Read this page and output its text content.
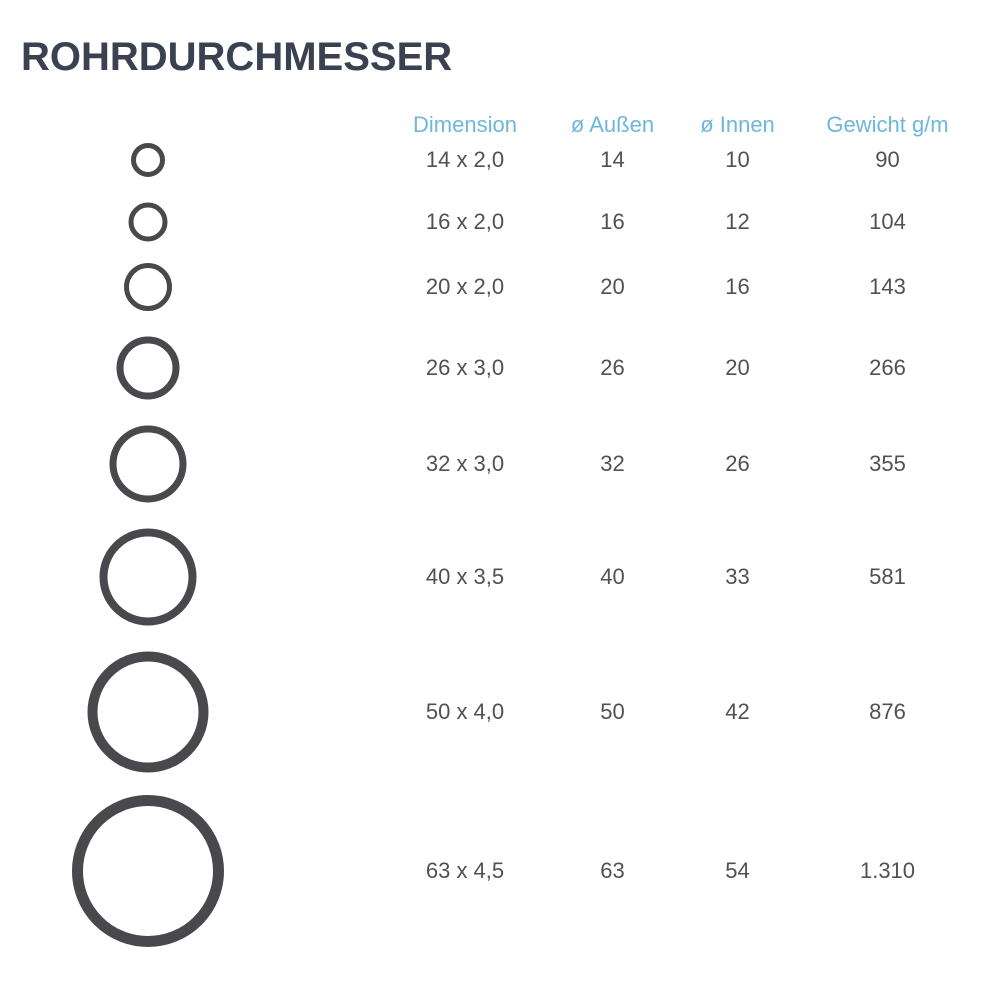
ROHRDURCHMESSER
Dimension	ø Außen	ø Innen	Gewicht g/m
14 x 2,0	14	10	90
16 x 2,0	16	12	104
20 x 2,0	20	16	143
26 x 3,0	26	20	266
32 x 3,0	32	26	355
40 x 3,5	40	33	581
50 x 4,0	50	42	876
63 x 4,5	63	54	1.310
